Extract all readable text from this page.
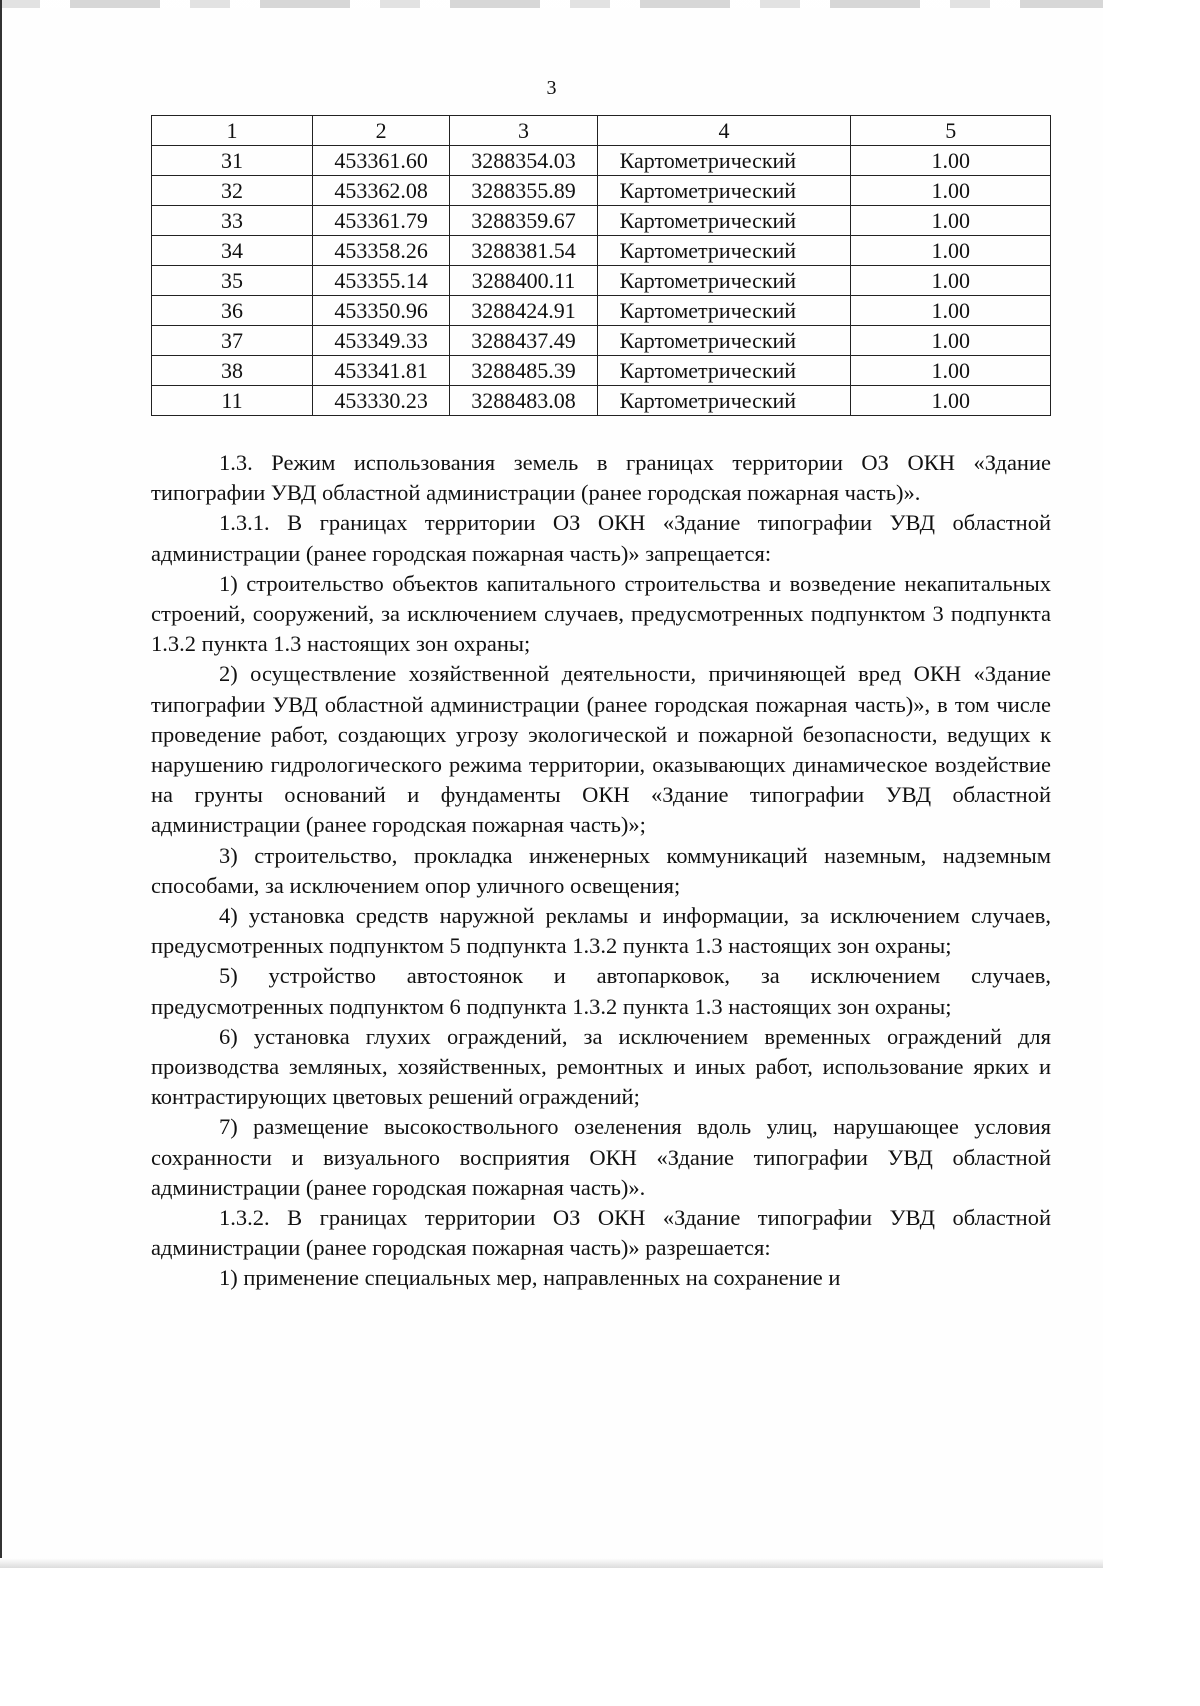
3
1	2	3	4	5
31	453361.60	3288354.03	Картометрический	1.00
32	453362.08	3288355.89	Картометрический	1.00
33	453361.79	3288359.67	Картометрический	1.00
34	453358.26	3288381.54	Картометрический	1.00
35	453355.14	3288400.11	Картометрический	1.00
36	453350.96	3288424.91	Картометрический	1.00
37	453349.33	3288437.49	Картометрический	1.00
38	453341.81	3288485.39	Картометрический	1.00
11	453330.23	3288483.08	Картометрический	1.00

1.3. Режим использования земель в границах территории ОЗ ОКН «Здание типографии УВД областной администрации (ранее городская пожарная часть)».

1.3.1. В границах территории ОЗ ОКН «Здание типографии УВД областной администрации (ранее городская пожарная часть)» запрещается:

1) строительство объектов капитального строительства и возведение некапитальных строений, сооружений, за исключением случаев, предусмотренных подпунктом 3 подпункта 1.3.2 пункта 1.3 настоящих зон охраны;

2) осуществление хозяйственной деятельности, причиняющей вред ОКН «Здание типографии УВД областной администрации (ранее городская пожарная часть)», в том числе проведение работ, создающих угрозу экологической и пожарной безопасности, ведущих к нарушению гидрологического режима территории, оказывающих динамическое воздействие на грунты оснований и фундаменты ОКН «Здание типографии УВД областной администрации (ранее городская пожарная часть)»;

3) строительство, прокладка инженерных коммуникаций наземным, надземным способами, за исключением опор уличного освещения;

4) установка средств наружной рекламы и информации, за исключением случаев, предусмотренных подпунктом 5 подпункта 1.3.2 пункта 1.3 настоящих зон охраны;

5) устройство автостоянок и автопарковок, за исключением случаев, предусмотренных подпунктом 6 подпункта 1.3.2 пункта 1.3 настоящих зон охраны;

6) установка глухих ограждений, за исключением временных ограждений для производства земляных, хозяйственных, ремонтных и иных работ, использование ярких и контрастирующих цветовых решений ограждений;

7) размещение высокоствольного озеленения вдоль улиц, нарушающее условия сохранности и визуального восприятия ОКН «Здание типографии УВД областной администрации (ранее городская пожарная часть)».

1.3.2. В границах территории ОЗ ОКН «Здание типографии УВД областной администрации (ранее городская пожарная часть)» разрешается:

1) применение специальных мер, направленных на сохранение и
